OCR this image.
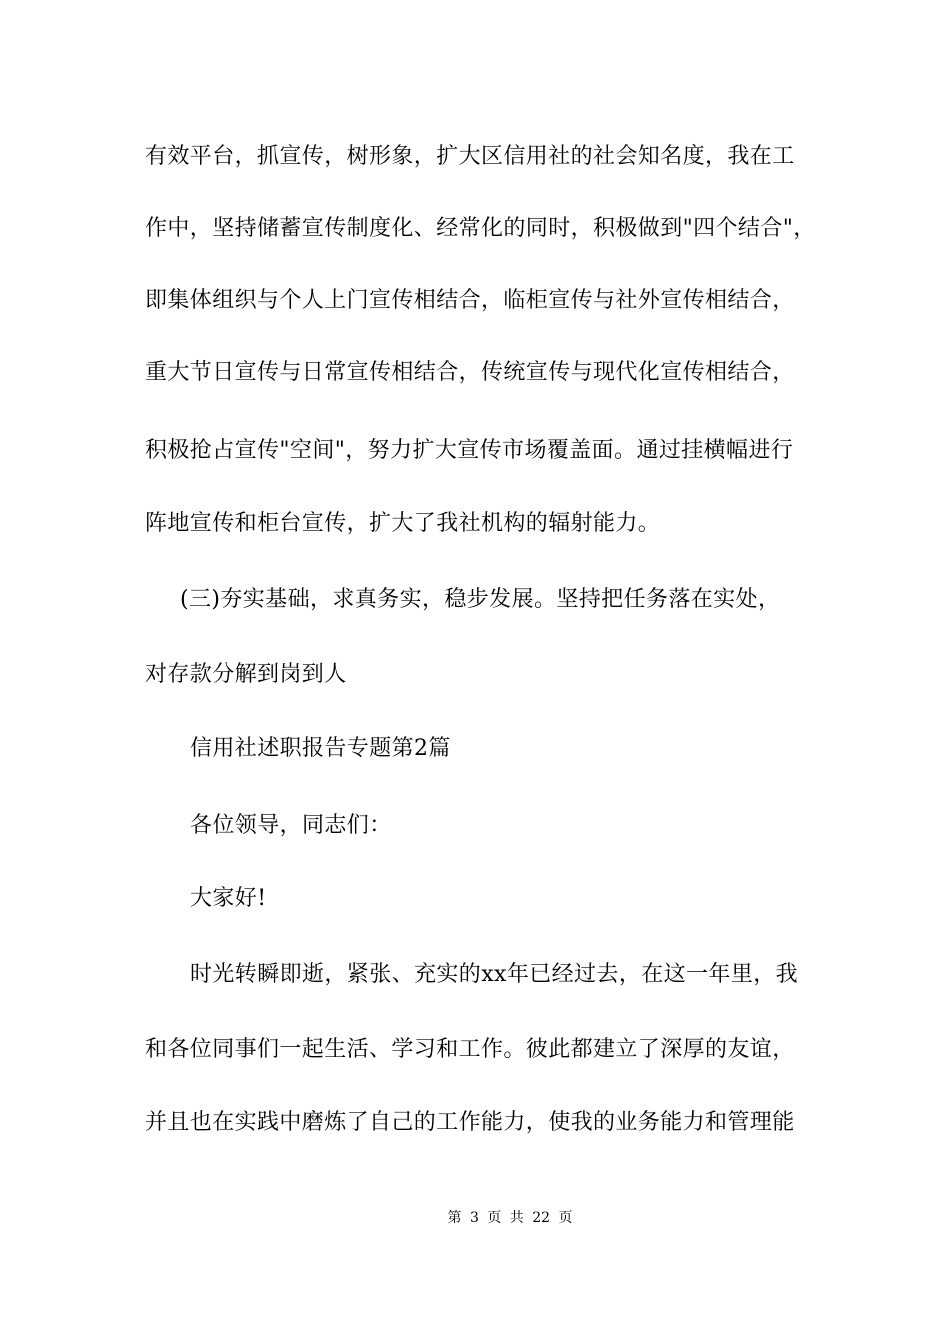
有效平台，抓宣传，树形象，扩大区信用社的社会知名度，我在工
作中，坚持储蓄宣传制度化、经常化的同时，积极做到"四个结合"，
即集体组织与个人上门宣传相结合，临柜宣传与社外宣传相结合，
重大节日宣传与日常宣传相结合，传统宣传与现代化宣传相结合，
积极抢占宣传"空间"，努力扩大宣传市场覆盖面。通过挂横幅进行
阵地宣传和柜台宣传，扩大了我社机构的辐射能力。
(三)夯实基础，求真务实，稳步发展。坚持把任务落在实处，
对存款分解到岗到人
信用社述职报告专题第2篇
各位领导，同志们：
大家好!
时光转瞬即逝，紧张、充实的xx年已经过去，在这一年里，我
和各位同事们一起生活、学习和工作。彼此都建立了深厚的友谊，
并且也在实践中磨炼了自己的工作能力，使我的业务能力和管理能
第 3 页 共 22 页
